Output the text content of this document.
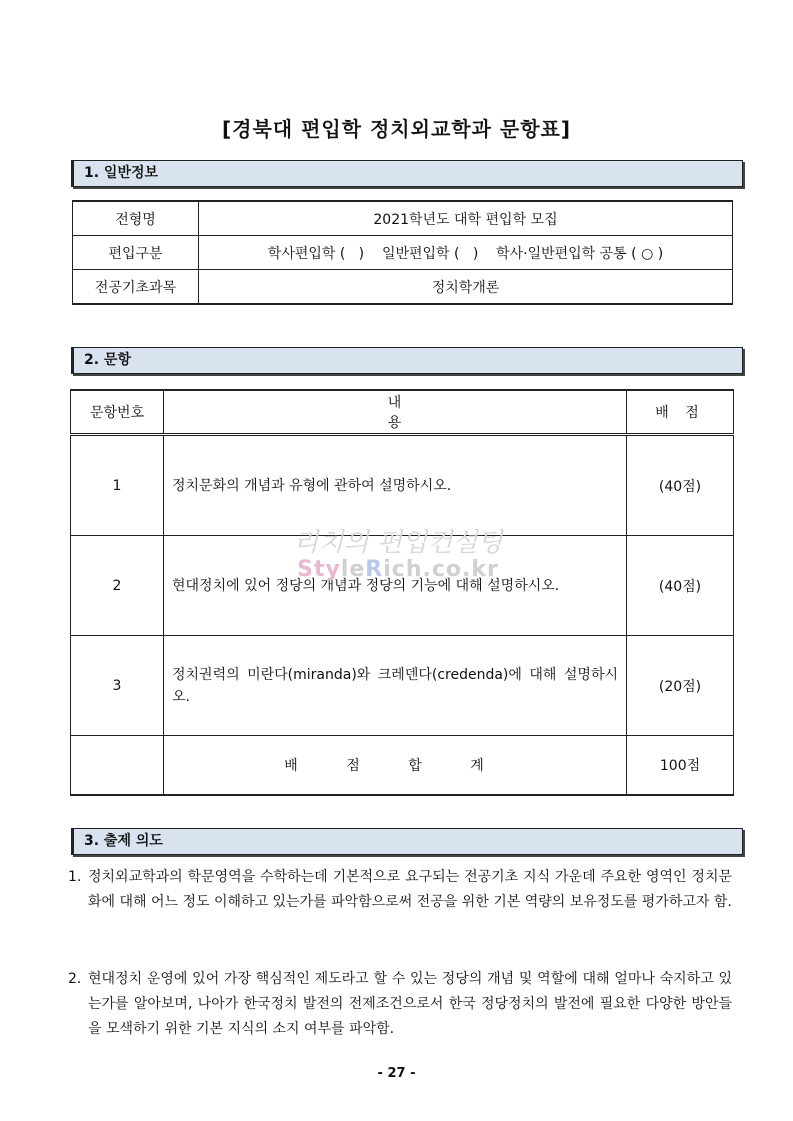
[경북대 편입학 정치외교학과 문항표]
1. 일반정보
전형명	2021학년도 대학 편입학 모집
편입구분	학사편입학 (   )    일반편입학 (   )    학사·일반편입학 공통 ( ○ )
전공기초과목	정치학개론
2. 문항
문항번호	내 용	배 점
1	정치문화의 개념과 유형에 관하여 설명하시오.	(40점)
2	현대정치에 있어 정당의 개념과 정당의 기능에 대해 설명하시오.	(40점)
3	정치권력의 미란다(miranda)와 크레덴다(credenda)에 대해 설명하시오.	(20점)
	배 점 합 계	100점
리치의 편입컨설팅
StyleRich.co.kr
3. 출제 의도
1. 정치외교학과의 학문영역을 수학하는데 기본적으로 요구되는 전공기초 지식 가운데 주요한 영역인 정치문화에 대해 어느 정도 이해하고 있는가를 파악함으로써 전공을 위한 기본 역량의 보유정도를 평가하고자 함.
2. 현대정치 운영에 있어 가장 핵심적인 제도라고 할 수 있는 정당의 개념 및 역할에 대해 얼마나 숙지하고 있는가를 알아보며, 나아가 한국정치 발전의 전제조건으로서 한국 정당정치의 발전에 필요한 다양한 방안들을 모색하기 위한 기본 지식의 소지 여부를 파악함.
- 27 -
